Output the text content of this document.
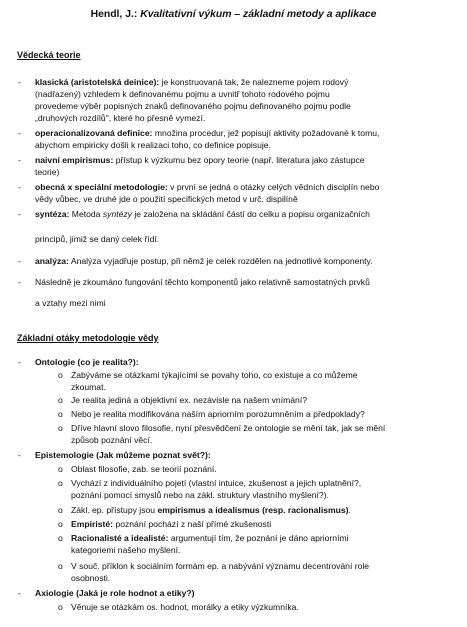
Hendl, J.: Kvalitativní výkum – základní metody a aplikace
Vědecká teorie
- klasická (aristotelská deinice): je konstruovaná tak, že nalezneme pojem rodový
(nadřazený) vzhledem k definovanému pojmu a uvnitř tohoto rodového pojmu
provedeme výběr popisných znaků definovaného pojmu definovaného pojmu podle
„druhových rozdílů", které ho přesně vymezí.
- operacionalizovaná definice: množina procedur, jež popisují aktivity požadované k tomu,
abychom empiricky došli k realizaci toho, co definice popisuje.
- naivní empirismus: přístup k výzkumu bez opory teorie (např. literatura jako zástupce
teorie)
- obecná x speciální metodologie: v první se jedná o otázky celých vědních disciplín nebo
vědy vůbec, ve druhé jde o použití specifických metod v urč. dispilíně
- syntéza: Metoda syntézy je založena na skládání částí do celku a popisu organizačních
principů, jimiž se daný celek řídí.
- analýza: Analýza vyjadřuje postup, při němž je celek rozdělen na jednotlivé komponenty.
- Následně je zkoumáno fungování těchto komponentů jako relativně samostatných prvků
a vztahy mezi nimi
Základní otáky metodologie vědy
- Ontologie (co je realita?):
o Zabýváme se otázkami týkajícími se povahy toho, co existuje a co můžeme
zkoumat.
o Je realita jediná a objektivní ex. nezávisle na našem vnímání?
o Nebo je realita modifikována naším apriorním porozumněním a předpoklady?
o Dříve hlavní slovo filosofie, nyní přesvědčení že ontologie se mění tak, jak se mění
způsob poznání věcí.
- Epistemologie (Jak můžeme poznat svět?):
o Oblast filosofie, zab. se teorií poznání.
o Vychází z individuálního pojetí (vlastní intuice, zkušenost a jejich uplatnění?,
poznání pomocí smyslů nebo na zákl. struktury vlastního myšlení?).
o Zákl. ep. přístupy jsou empirismus a idealismus (resp. racionalismus).
o Empiristé: poznání pochází z naší přímé zkušenosti
o Racionalisté a idealisté: argumentují tím, že poznání je dáno apriorními
kategoriemi našeho myšlení.
o V souč. příklon k sociálním formám ep. a nabývání významu decentrování role
osobnosti.
- Axiologie (Jaká je role hodnot a etiky?)
o Věnuje se otázkám os. hodnot, morálky a etiky výzkumníka.
